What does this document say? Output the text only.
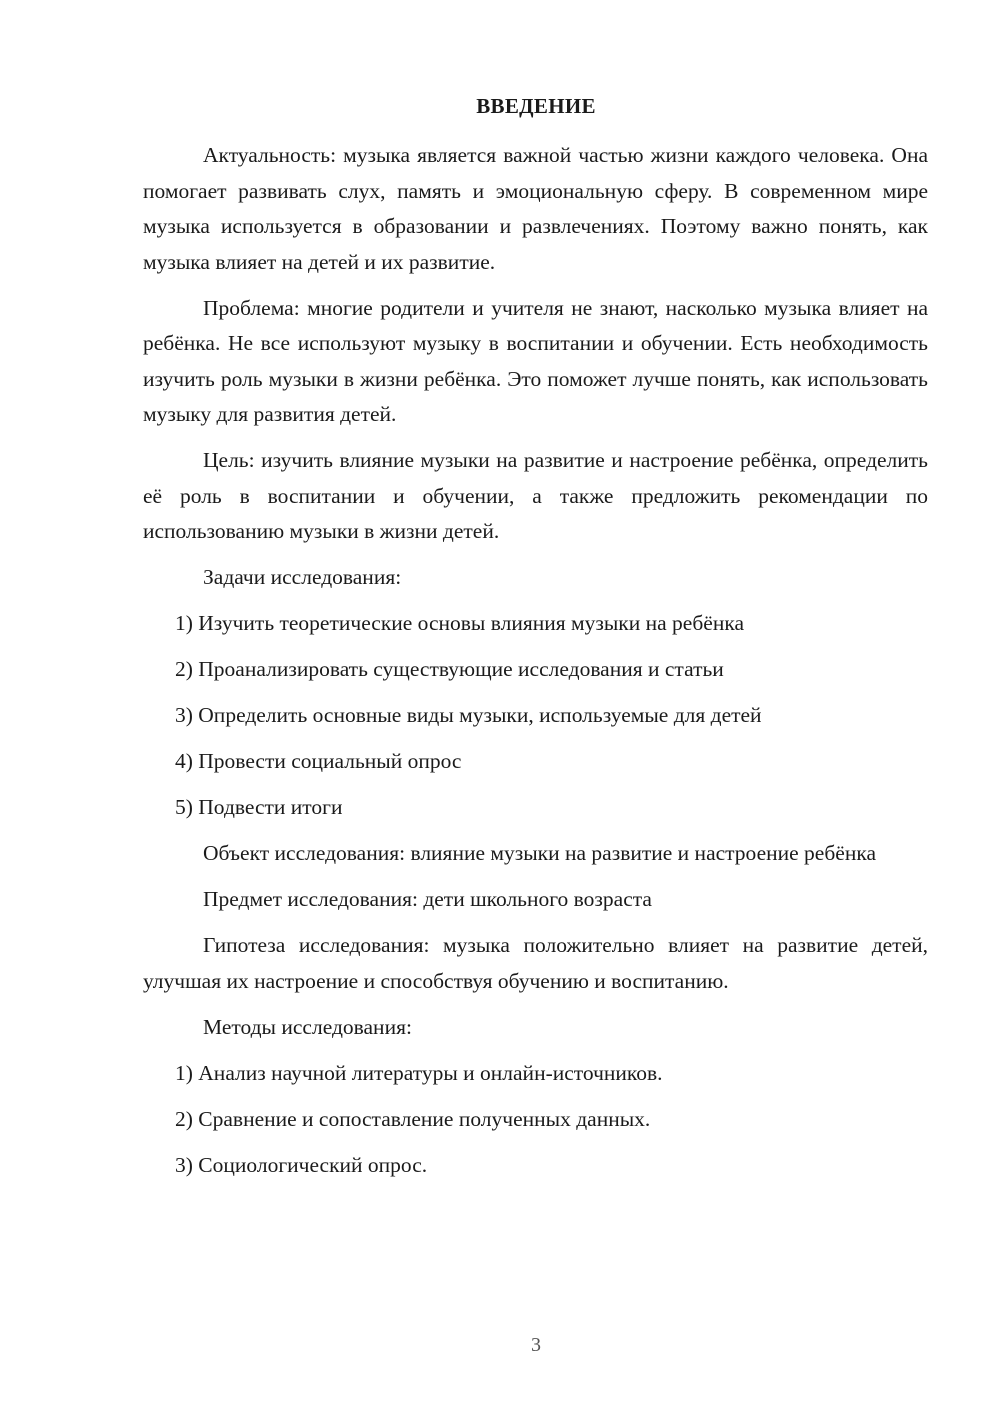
ВВЕДЕНИЕ

Актуальность: музыка является важной частью жизни каждого человека. Она помогает развивать слух, память и эмоциональную сферу. В современном мире музыка используется в образовании и развлечениях. Поэтому важно понять, как музыка влияет на детей и их развитие.

Проблема: многие родители и учителя не знают, насколько музыка влияет на ребёнка. Не все используют музыку в воспитании и обучении. Есть необходимость изучить роль музыки в жизни ребёнка. Это поможет лучше понять, как использовать музыку для развития детей.

Цель: изучить влияние музыки на развитие и настроение ребёнка, определить её роль в воспитании и обучении, а также предложить рекомендации по использованию музыки в жизни детей.

Задачи исследования:

1) Изучить теоретические основы влияния музыки на ребёнка

2) Проанализировать существующие исследования и статьи

3) Определить основные виды музыки, используемые для детей

4) Провести социальный опрос

5) Подвести итоги

Объект исследования: влияние музыки на развитие и настроение ребёнка

Предмет исследования: дети школьного возраста

Гипотеза исследования: музыка положительно влияет на развитие детей, улучшая их настроение и способствуя обучению и воспитанию.

Методы исследования:

1) Анализ научной литературы и онлайн-источников.

2) Сравнение и сопоставление полученных данных.

3) Социологический опрос.

3
